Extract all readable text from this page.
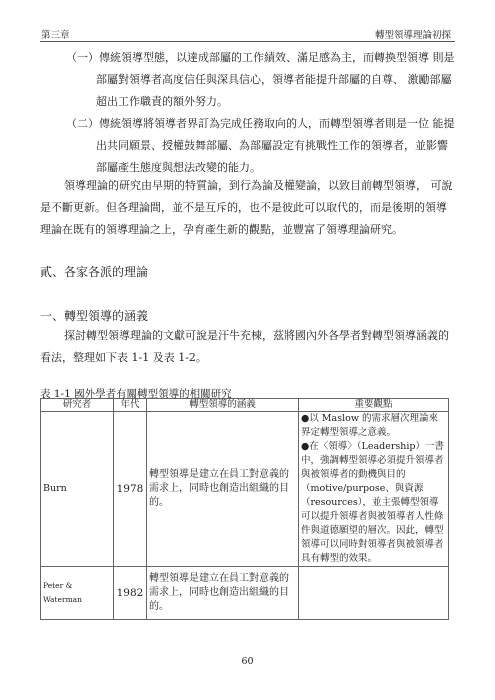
第三章	轉型領導理論初探
（一）傳統領導型態，以達成部屬的工作績效、滿足感為主，而轉換型領導 則是
部屬對領導者高度信任與深具信心，領導者能提升部屬的自尊、 激勵部屬
超出工作職責的額外努力。
（二）傳統領導將領導者界訂為完成任務取向的人，而轉型領導者則是一位 能提
出共同願景、授權鼓舞部屬、為部屬設定有挑戰性工作的領導者，並影響
部屬產生態度與想法改變的能力。
領導理論的研究由早期的特質論，到行為論及權變論，以致目前轉型領導， 可說
是不斷更新。但各理論間，並不是互斥的，也不是彼此可以取代的，而是後期的領導
理論在既有的領導理論之上，孕育產生新的觀點，並豐富了領導理論研究。
貳、各家各派的理論
一、轉型領導的涵義
探討轉型領導理論的文獻可說是汗牛充棟，茲將國內外各學者對轉型領導涵義的
看法，整理如下表 1-1 及表 1-2。
表 1-1 國外學者有關轉型領導的相關研究
研究者	年代	轉型領導的涵義	重要觀點
Burn	1978	轉型領導是建立在員工對意義的需求上，同時也創造出組織的目的。	●以 Maslow 的需求層次理論來界定轉型領導之意義。
●在〈領導〉（Leadership）一書中，強調轉型領導必須提升領導者與被領導者的動機與目的（motive/purpose、與資源（resources），並主張轉型領導可以提升領導者與被領導者人性條件與道德願望的層次。因此，轉型領導可以同時對領導者與被領導者具有轉型的效果。

Peter & Waterman	1982	轉型領導是建立在員工對意義的需求上，同時也創造出組織的目的。	
60
